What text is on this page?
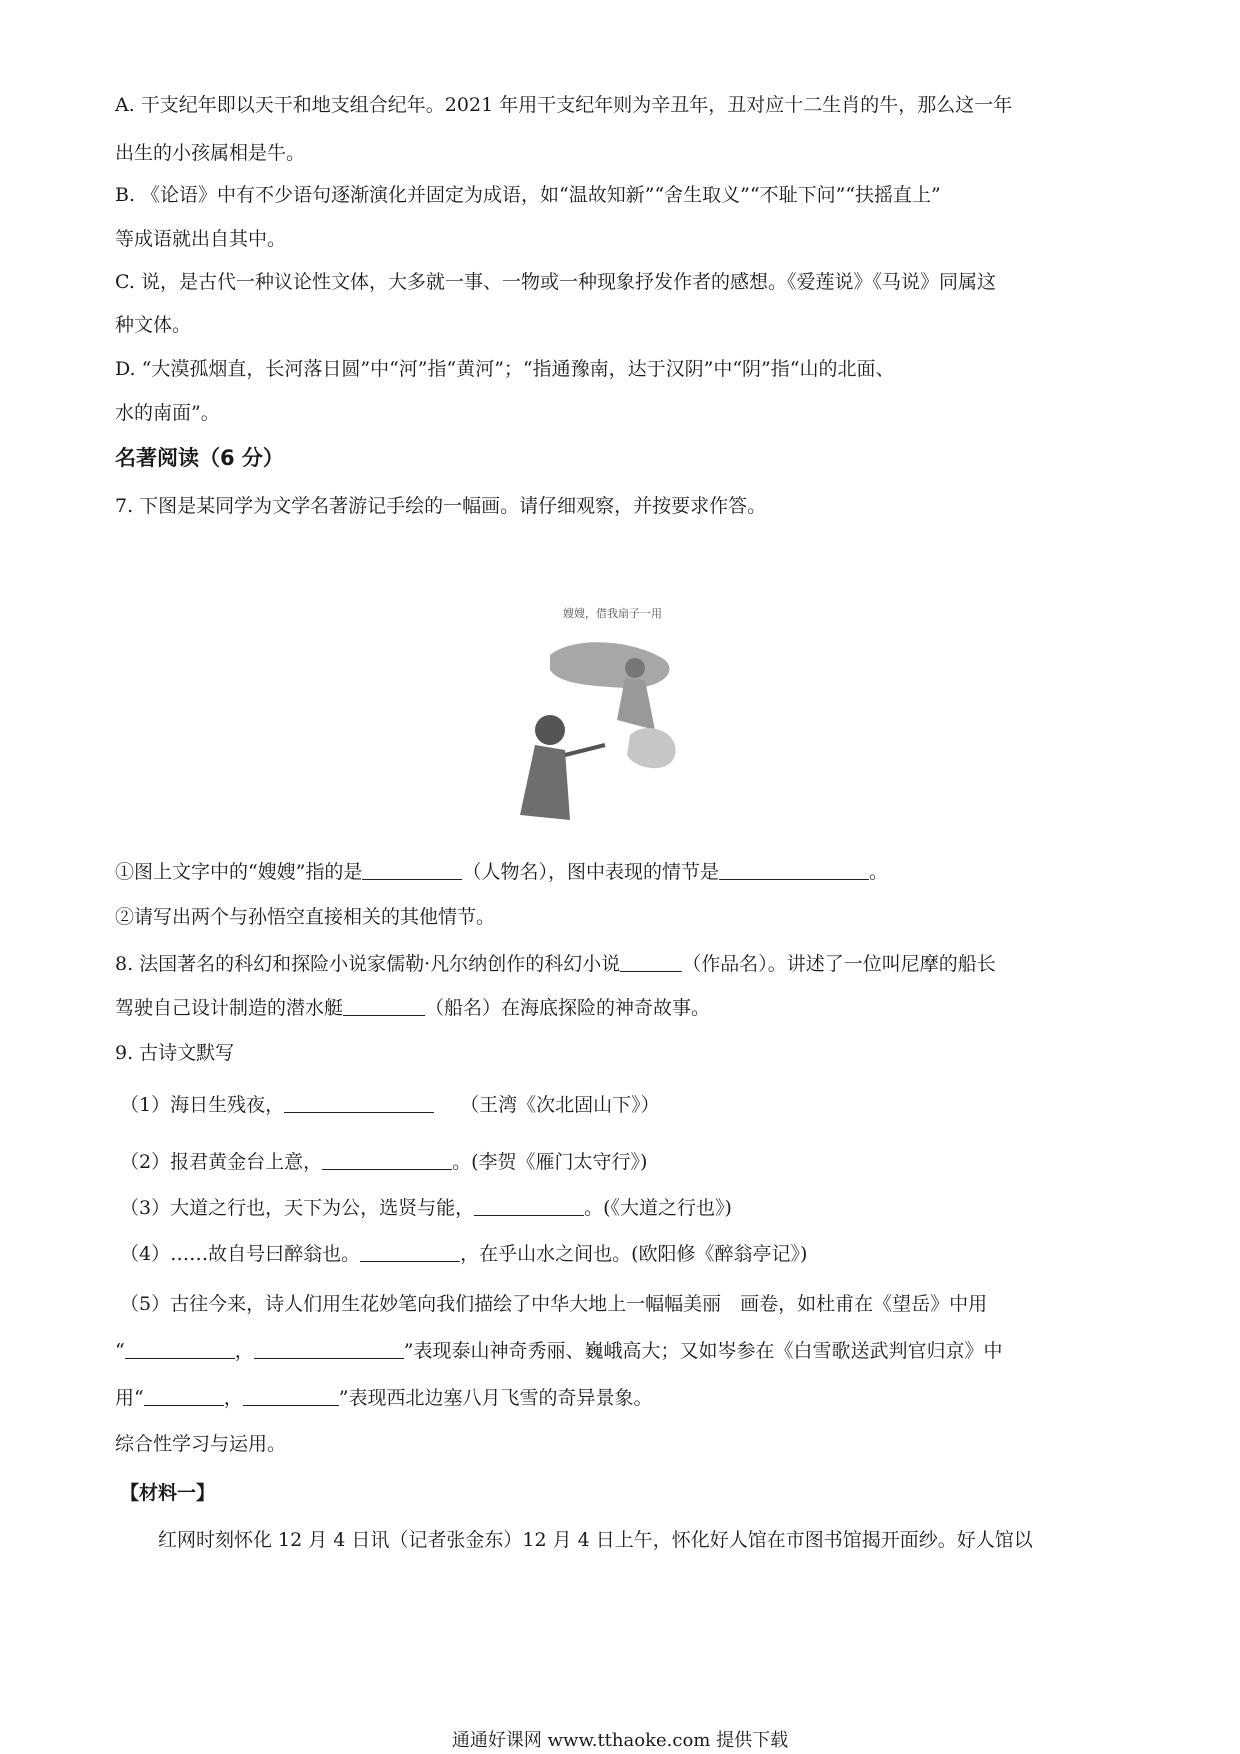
A. 干支纪年即以天干和地支组合纪年。2021 年用干支纪年则为辛丑年，丑对应十二生肖的牛，那么这一年
出生的小孩属相是牛。
B. 《论语》中有不少语句逐渐演化并固定为成语，如“温故知新”“舍生取义”“不耻下问”“扶摇直上”
等成语就出自其中。
C. 说，是古代一种议论性文体，大多就一事、一物或一种现象抒发作者的感想。《爱莲说》《马说》同属这
种文体。
D. “大漠孤烟直，长河落日圆”中“河”指“黄河”；“指通豫南，达于汉阴”中“阴”指“山的北面、
水的南面”。
名著阅读（6 分）
7. 下图是某同学为文学名著游记手绘的一幅画。请仔细观察，并按要求作答。
嫂嫂，借我扇子一用
①图上文字中的“嫂嫂”指的是	（人物名），图中表现的情节是	。
②请写出两个与孙悟空直接相关的其他情节。
8. 法国著名的科幻和探险小说家儒勒·凡尔纳创作的科幻小说	（作品名）。讲述了一位叫尼摩的船长
驾驶自己设计制造的潜水艇	（船名）在海底探险的神奇故事。
9. 古诗文默写
（1）海日生残夜，	（王湾《次北固山下》）
（2）报君黄金台上意，	。(李贺《雁门太守行》)
（3）大道之行也，天下为公，选贤与能，	。(《大道之行也》)
（4）……故自号曰醉翁也。	，在乎山水之间也。(欧阳修《醉翁亭记》)
（5）古往今来，诗人们用生花妙笔向我们描绘了中华大地上一幅幅美丽　画卷，如杜甫在《望岳》中用
“	，	”表现泰山神奇秀丽、巍峨高大；又如岑参在《白雪歌送武判官归京》中
用“	，	”表现西北边塞八月飞雪的奇异景象。
综合性学习与运用。
【材料一】
红网时刻怀化 12 月 4 日讯（记者张金东）12 月 4 日上午，怀化好人馆在市图书馆揭开面纱。好人馆以
通通好课网 www.tthaoke.com 提供下载
